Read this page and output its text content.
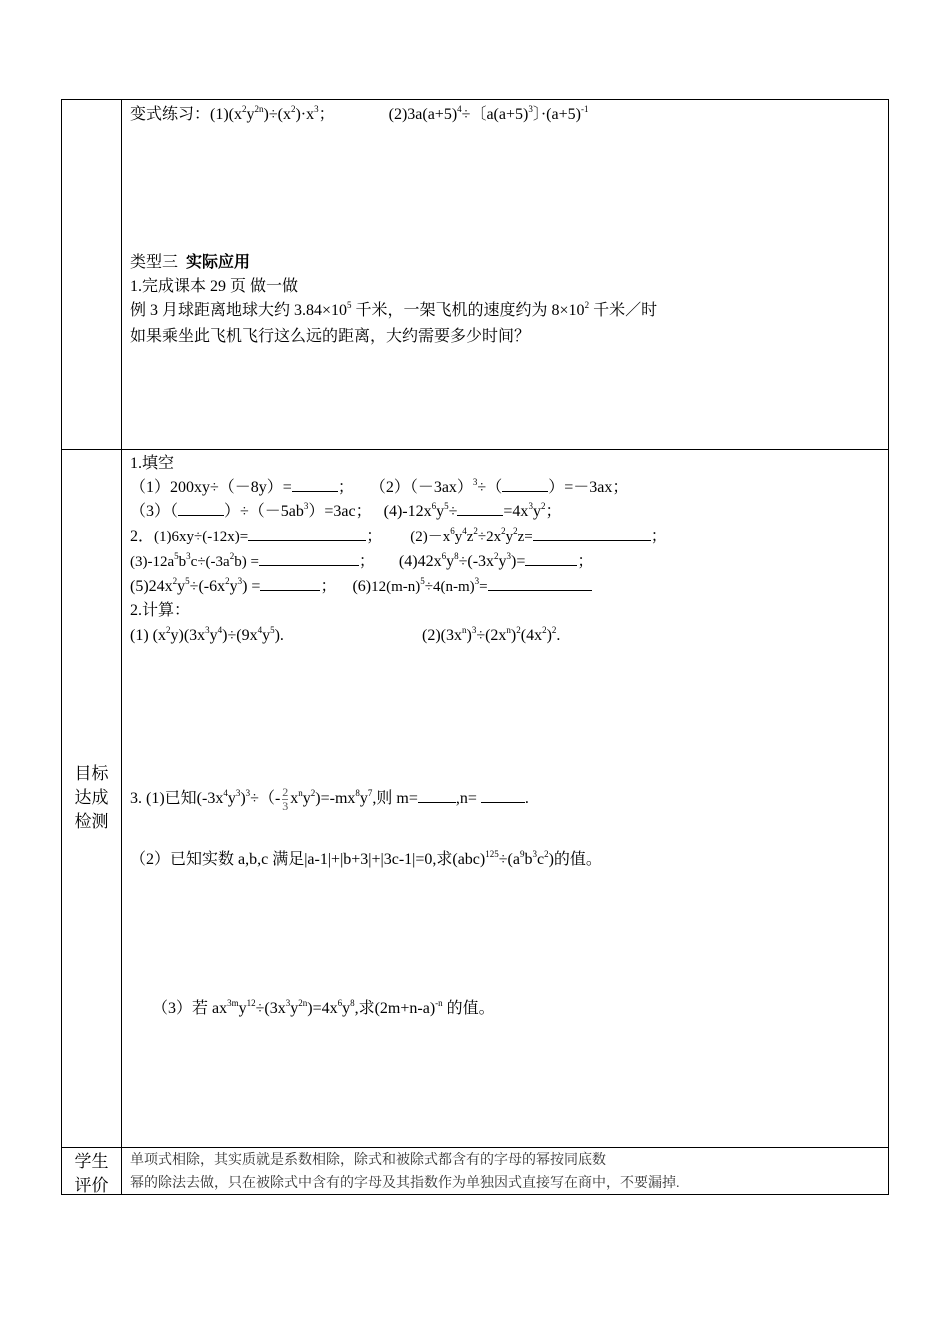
变式练习：$(1)(x^2y^{2n})\div(x^2)\cdot x^3$；	$(2)3a(a+5)^4\div$〔$a(a+5)^3$〕$\cdot(a+5)^{-1}$
类型三 实际应用
1.完成课本 29 页 做一做
例 3 月球距离地球大约 $3.84\times 10^5$ 千米，一架飞机的速度约为 $8\times 10^2$ 千米／时
如果乘坐此飞机飞行这么远的距离，大约需要多少时间？
目标
达成
检测
1.填空
（1）200xy÷（－8y）=	；    $(2)(-3ax)^3\div$（	）=－3ax；
（3）（	）$\div(-5ab^3)=3ac$；   $(4)-12x^6y^5\div$	$=4x^3y^2$；
2．(1)6xy÷(-12x)=	；       $(2)-x^6y^4z^2\div 2x^2y^2z=$	；
$(3)-12a^5b^3c\div(-3a^2b)$ =	；      $(4)42x^6y^8\div(-3x^2y^3)=$	；
$(5)24x^2y^5\div(-6x^2y^3)$ =	；    $(6)12(m-n)^5\div 4(n-m)^3=$
2.计算：
(1) $(x^2y)(3x^3y^4)\div(9x^4y^5)$.	$(2)(3x^n)^3\div(2x^n)^2(4x^2)^2$.
3. (1)已知$(-3x^4y^3)^3\div(- \frac{2}{3} x^ny^2)=-mx^8y^7$,则 m= ,n=	.
（2）已知实数 a,b,c 满足|a-1|+|b+3|+|3c-1|=0,求$(abc)^{125}\div(a^9b^3c^2)$的值。
（3）若 $ax^{3m}y^{12}\div(3x^3y^{2n})=4x^6y^8$,求$(2m+n-a)^{-n}$ 的值。
学生
评价
单项式相除，其实质就是系数相除，除式和被除式都含有的字母的幂按同底数
幂的除法去做，只在被除式中含有的字母及其指数作为单独因式直接写在商中，不要漏掉.
